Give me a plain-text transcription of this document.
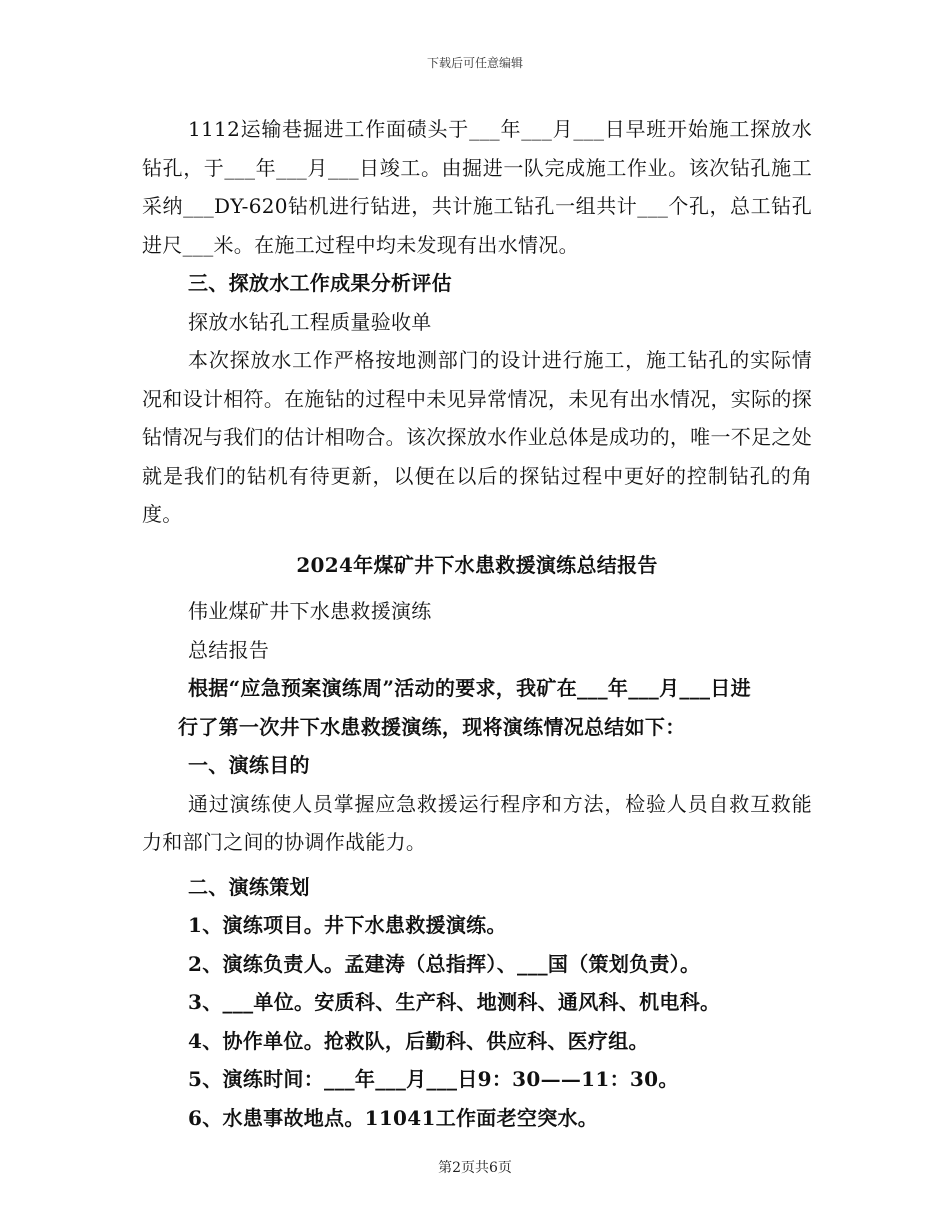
下载后可任意编辑

1112运输巷掘进工作面碛头于___年___月___日早班开始施工探放水钻孔，于___年___月___日竣工。由掘进一队完成施工作业。该次钻孔施工采纳___DY-620钻机进行钻进，共计施工钻孔一组共计___个孔，总工钻孔进尺___米。在施工过程中均未发现有出水情况。

三、探放水工作成果分析评估

探放水钻孔工程质量验收单

本次探放水工作严格按地测部门的设计进行施工，施工钻孔的实际情况和设计相符。在施钻的过程中未见异常情况，未见有出水情况，实际的探钻情况与我们的估计相吻合。该次探放水作业总体是成功的，唯一不足之处就是我们的钻机有待更新，以便在以后的探钻过程中更好的控制钻孔的角度。

2024年煤矿井下水患救援演练总结报告

伟业煤矿井下水患救援演练

总结报告

根据“应急预案演练周”活动的要求，我矿在___年___月___日进
行了第一次井下水患救援演练，现将演练情况总结如下：

一、演练目的

通过演练使人员掌握应急救援运行程序和方法，检验人员自救互救能力和部门之间的协调作战能力。

二、演练策划

1、演练项目。井下水患救援演练。

2、演练负责人。孟建涛（总指挥）、___国（策划负责）。

3、___单位。安质科、生产科、地测科、通风科、机电科。

4、协作单位。抢救队，后勤科、供应科、医疗组。

5、演练时间：___年___月___日9：30——11：30。

6、水患事故地点。11041工作面老空突水。

第2页共6页
